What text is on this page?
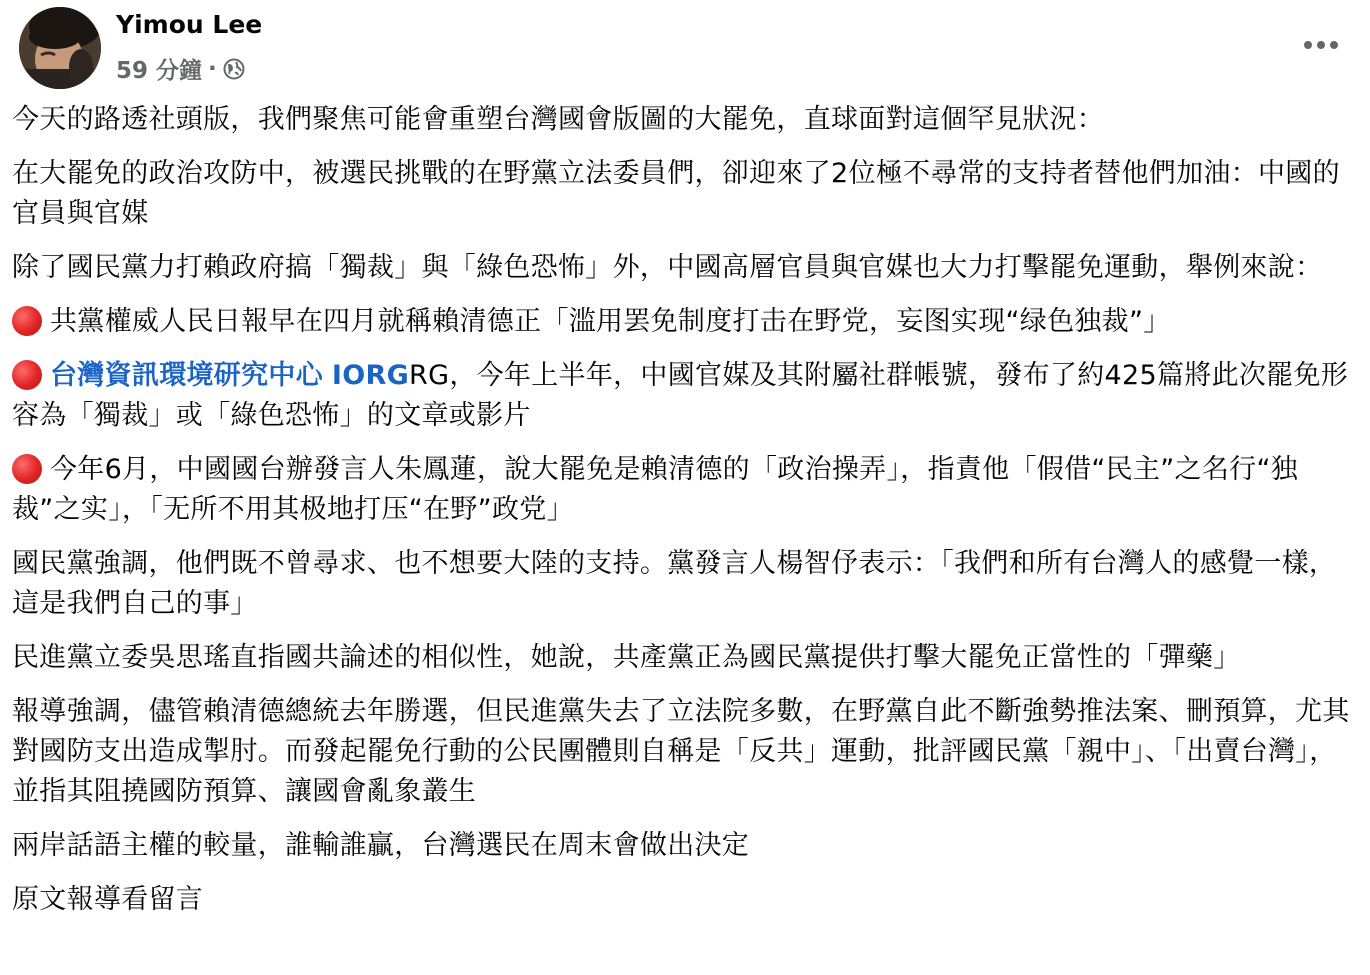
Yimou Lee
59 分鐘 ·

今天的路透社頭版，我們聚焦可能會重塑台灣國會版圖的大罷免，直球面對這個罕見狀況：

在大罷免的政治攻防中，被選民挑戰的在野黨立法委員們，卻迎來了2位極不尋常的支持者替他們加油：中國的官員與官媒

除了國民黨力打賴政府搞「獨裁」與「綠色恐怖」外，中國高層官員與官媒也大力打擊罷免運動，舉例來說：

共黨權威人民日報早在四月就稱賴清德正「滥用罢免制度打击在野党，妄图实现“绿色独裁”」

台灣資訊環境研究中心 IORGRG，今年上半年，中國官媒及其附屬社群帳號，發布了約425篇將此次罷免形容為「獨裁」或「綠色恐怖」的文章或影片

今年6月，中國國台辦發言人朱鳳蓮，說大罷免是賴清德的「政治操弄」，指責他「假借“民主”之名行“独裁”之实」，「无所不用其极地打压“在野”政党」

國民黨強調，他們既不曾尋求、也不想要大陸的支持。黨發言人楊智伃表示：「我們和所有台灣人的感覺一樣，這是我們自己的事」

民進黨立委吳思瑤直指國共論述的相似性，她說，共產黨正為國民黨提供打擊大罷免正當性的「彈藥」

報導強調，儘管賴清德總統去年勝選，但民進黨失去了立法院多數，在野黨自此不斷強勢推法案、刪預算，尤其對國防支出造成掣肘。而發起罷免行動的公民團體則自稱是「反共」運動，批評國民黨「親中」、「出賣台灣」，並指其阻撓國防預算、讓國會亂象叢生

兩岸話語主權的較量，誰輸誰贏，台灣選民在周末會做出決定

原文報導看留言
